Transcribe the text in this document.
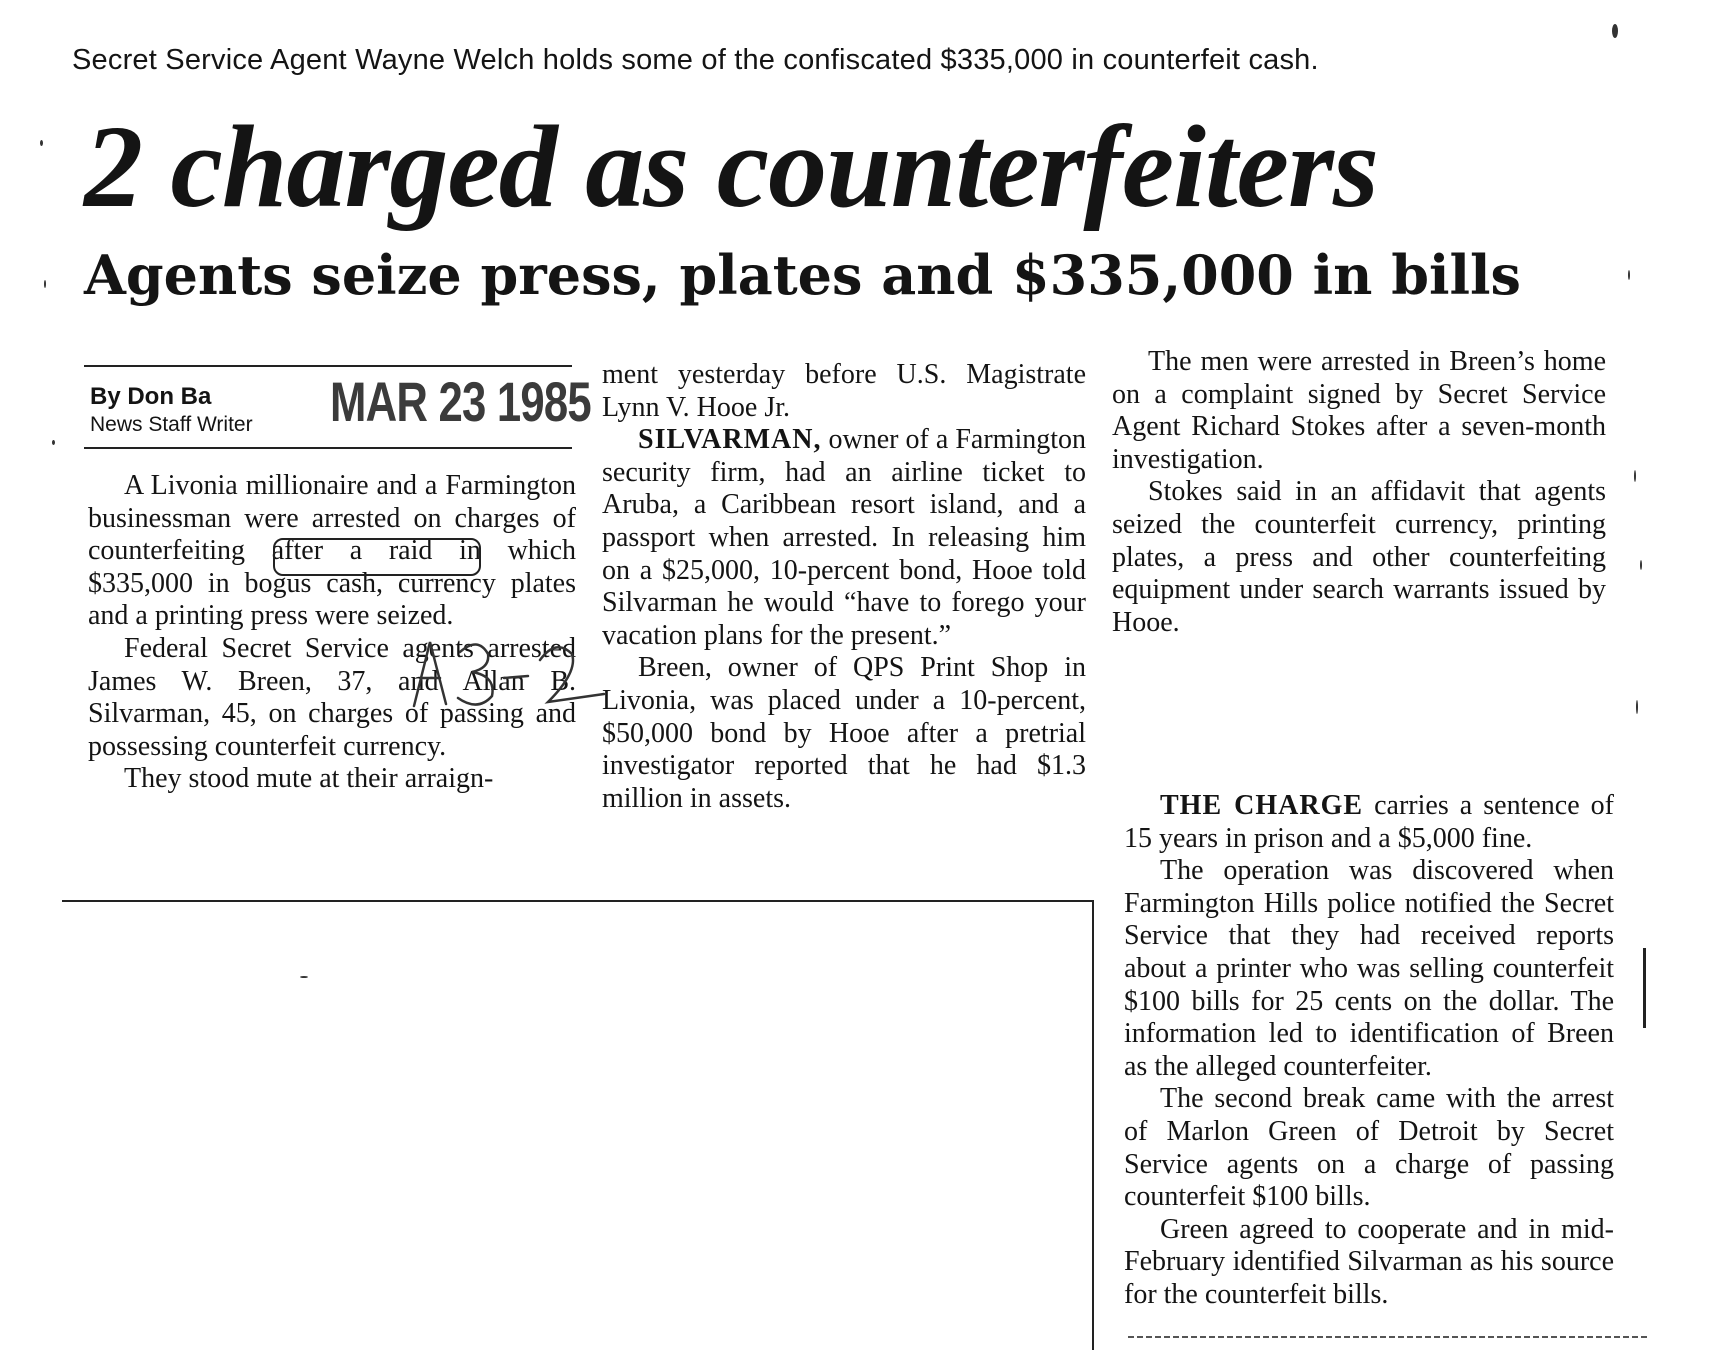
Secret Service Agent Wayne Welch holds some of the confiscated $335,000 in counterfeit cash.
2 charged as counterfeiters
Agents seize press, plates and $335,000 in bills
By Don Ba
News Staff Writer MAR 23 1985

A Livonia millionaire and a Farmington businessman were arrested on charges of counterfeiting after a raid in which $335,000 in bogus cash, currency plates and a printing press were seized.

Federal Secret Service agents arrested James W. Breen, 37, and Allan B. Silvarman, 45, on charges of passing and possessing counterfeit currency.

They stood mute at their arraign-

ment yesterday before U.S. Magistrate Lynn V. Hooe Jr.

SILVARMAN, owner of a Farmington security firm, had an airline ticket to Aruba, a Caribbean resort island, and a passport when arrested. In releasing him on a $25,000, 10-percent bond, Hooe told Silvarman he would “have to forego your vacation plans for the present.”

Breen, owner of QPS Print Shop in Livonia, was placed under a 10-percent, $50,000 bond by Hooe after a pretrial investigator reported that he had $1.3 million in assets.

The men were arrested in Breen’s home on a complaint signed by Secret Service Agent Richard Stokes after a seven-month investigation.

Stokes said in an affidavit that agents seized the counterfeit currency, printing plates, a press and other counterfeiting equipment under search warrants issued by Hooe.

THE CHARGE carries a sentence of 15 years in prison and a $5,000 fine.

The operation was discovered when Farmington Hills police notified the Secret Service that they had received reports about a printer who was selling counterfeit $100 bills for 25 cents on the dollar. The information led to identification of Breen as the alleged counterfeiter.

The second break came with the arrest of Marlon Green of Detroit by Secret Service agents on a charge of passing counterfeit $100 bills.

Green agreed to cooperate and in mid-February identified Silvarman as his source for the counterfeit bills.
